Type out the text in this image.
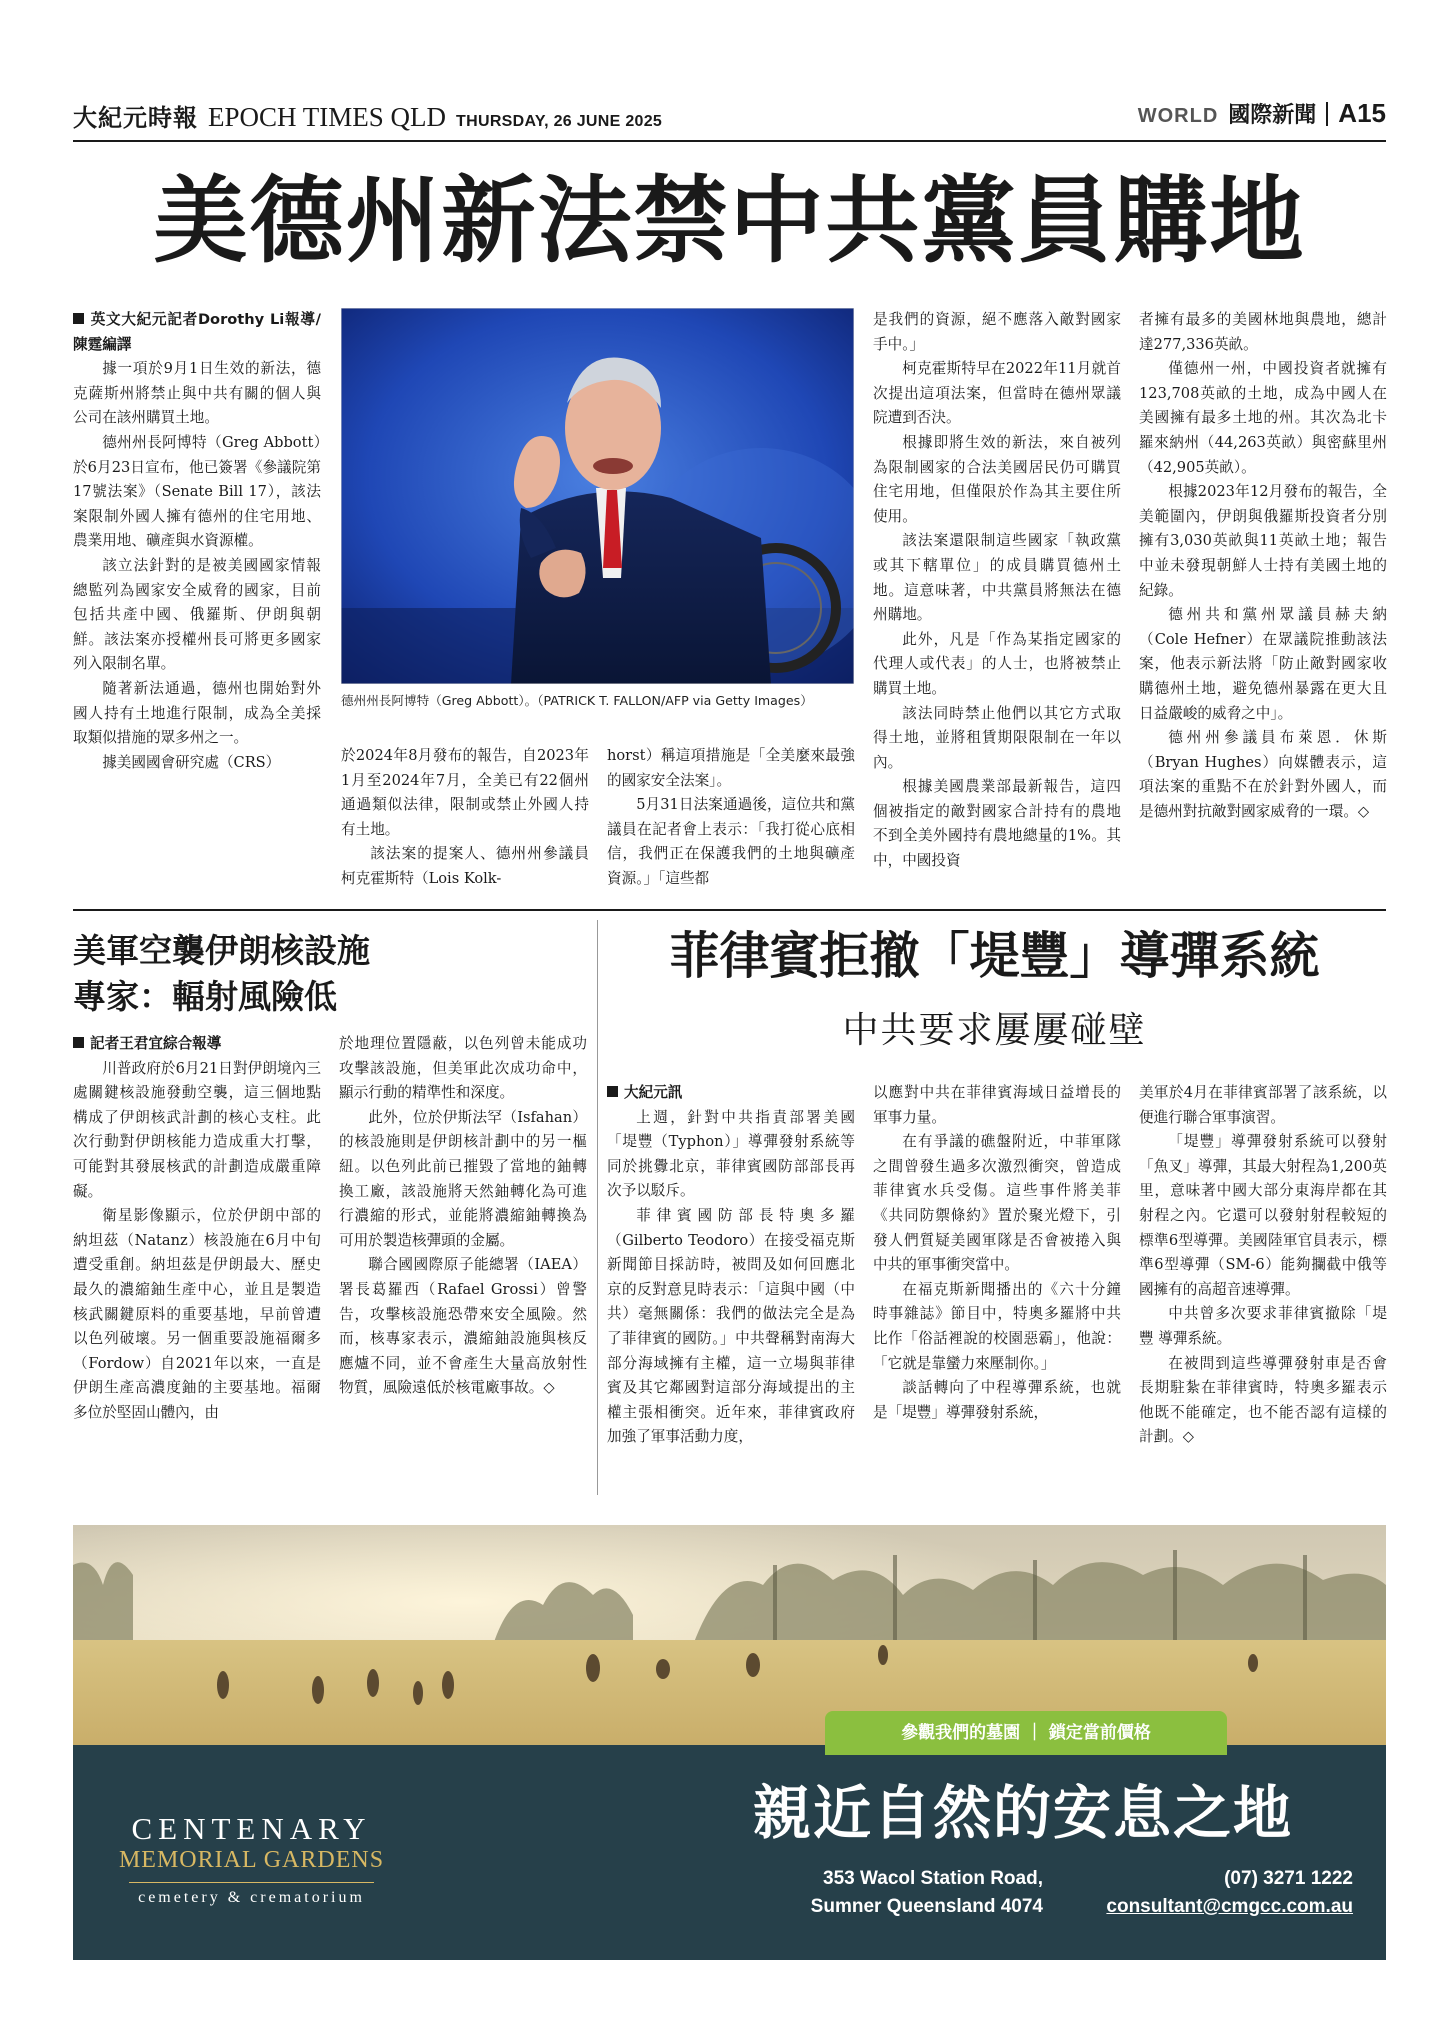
大紀元時報 EPOCH TIMES QLD THURSDAY, 26 JUNE 2025	WORLD 國際新聞 A15
美德州新法禁中共黨員購地
英文大紀元記者Dorothy Li報導/陳霆編譯

據一項於9月1日生效的新法，德克薩斯州將禁止與中共有關的個人與公司在該州購買土地。

德州州長阿博特（Greg Abbott）於6月23日宣布，他已簽署《參議院第17號法案》（Senate Bill 17），該法案限制外國人擁有德州的住宅用地、農業用地、礦產與水資源權。

該立法針對的是被美國國家情報總監列為國家安全威脅的國家，目前包括共產中國、俄羅斯、伊朗與朝鮮。該法案亦授權州長可將更多國家列入限制名單。

隨著新法通過，德州也開始對外國人持有土地進行限制，成為全美採取類似措施的眾多州之一。

據美國國會研究處（CRS）

德州州長阿博特（Greg Abbott）。（PATRICK T. FALLON/AFP via Getty Images）
於2024年8月發布的報告，自2023年1月至2024年7月，全美已有22個州通過類似法律，限制或禁止外國人持有土地。

該法案的提案人、德州州參議員柯克霍斯特（Lois Kolk-

horst）稱這項措施是「全美麼來最強的國家安全法案」。

5月31日法案通過後，這位共和黨議員在記者會上表示：「我打從心底相信，我們正在保護我們的土地與礦產資源。」「這些都

是我們的資源，絕不應落入敵對國家手中。」

柯克霍斯特早在2022年11月就首次提出這項法案，但當時在德州眾議院遭到否決。

根據即將生效的新法，來自被列為限制國家的合法美國居民仍可購買住宅用地，但僅限於作為其主要住所使用。

該法案還限制這些國家「執政黨或其下轄單位」的成員購買德州土地。這意味著，中共黨員將無法在德州購地。

此外，凡是「作為某指定國家的代理人或代表」的人士，也將被禁止購買土地。

該法同時禁止他們以其它方式取得土地，並將租賃期限限制在一年以內。

根據美國農業部最新報告，這四個被指定的敵對國家合計持有的農地不到全美外國持有農地總量的1%。其中，中國投資

者擁有最多的美國林地與農地，總計達277,336英畝。

僅德州一州，中國投資者就擁有123,708英畝的土地，成為中國人在美國擁有最多土地的州。其次為北卡羅來納州（44,263英畝）與密蘇里州（42,905英畝）。

根據2023年12月發布的報告，全美範圍內，伊朗與俄羅斯投資者分別擁有3,030英畝與11英畝土地；報告中並未發現朝鮮人士持有美國土地的紀錄。

德州共和黨州眾議員赫夫納（Cole Hefner）在眾議院推動該法案，他表示新法將「防止敵對國家收購德州土地，避免德州暴露在更大且日益嚴峻的威脅之中」。

德州州參議員布萊恩．休斯（Bryan Hughes）向媒體表示，這項法案的重點不在於針對外國人，而是德州對抗敵對國家威脅的一環。◇

美軍空襲伊朗核設施
專家：輻射風險低
記者王君宜綜合報導

川普政府於6月21日對伊朗境內三處關鍵核設施發動空襲，這三個地點構成了伊朗核武計劃的核心支柱。此次行動對伊朗核能力造成重大打擊，可能對其發展核武的計劃造成嚴重障礙。

衛星影像顯示，位於伊朗中部的納坦茲（Natanz）核設施在6月中旬遭受重創。納坦茲是伊朗最大、歷史最久的濃縮鈾生產中心，並且是製造核武關鍵原料的重要基地，早前曾遭以色列破壞。另一個重要設施福爾多（Fordow）自2021年以來，一直是伊朗生產高濃度鈾的主要基地。福爾多位於堅固山體內，由

於地理位置隱蔽，以色列曾未能成功攻擊該設施，但美軍此次成功命中，顯示行動的精準性和深度。

此外，位於伊斯法罕（Isfahan）的核設施則是伊朗核計劃中的另一樞紐。以色列此前已摧毀了當地的鈾轉換工廠，該設施將天然鈾轉化為可進行濃縮的形式，並能將濃縮鈾轉換為可用於製造核彈頭的金屬。

聯合國國際原子能總署（IAEA）署長葛羅西（Rafael Grossi）曾警告，攻擊核設施恐帶來安全風險。然而，核專家表示，濃縮鈾設施與核反應爐不同，並不會產生大量高放射性物質，風險遠低於核電廠事故。◇

菲律賓拒撤「堤豐」導彈系統
中共要求屢屢碰壁
大紀元訊

上週，針對中共指責部署美國「堤豐（Typhon）」導彈發射系統等同於挑釁北京，菲律賓國防部部長再次予以駁斥。

菲律賓國防部長特奧多羅（Gilberto Teodoro）在接受福克斯新聞節目採訪時，被問及如何回應北京的反對意見時表示：「這與中國（中共）毫無關係：我們的做法完全是為了菲律賓的國防。」中共聲稱對南海大部分海域擁有主權，這一立場與菲律賓及其它鄰國對這部分海域提出的主權主張相衝突。近年來，菲律賓政府加強了軍事活動力度，

以應對中共在菲律賓海域日益增長的軍事力量。

在有爭議的礁盤附近，中菲軍隊之間曾發生過多次激烈衝突，曾造成菲律賓水兵受傷。這些事件將美菲《共同防禦條約》置於聚光燈下，引發人們質疑美國軍隊是否會被捲入與中共的軍事衝突當中。

在福克斯新聞播出的《六十分鐘時事雜誌》節目中，特奧多羅將中共比作「俗話裡說的校園惡霸」，他說：「它就是靠蠻力來壓制你。」

談話轉向了中程導彈系統，也就是「堤豐」導彈發射系統，

美軍於4月在菲律賓部署了該系統，以便進行聯合軍事演習。

「堤豐」導彈發射系統可以發射「魚叉」導彈，其最大射程為1,200英里，意味著中國大部分東海岸都在其射程之內。它還可以發射射程較短的標準6型導彈。美國陸軍官員表示，標準6型導彈（SM-6）能夠攔截中俄等國擁有的高超音速導彈。

中共曾多次要求菲律賓撤除「堤豐 導彈系統。

在被問到這些導彈發射車是否會長期駐紮在菲律賓時，特奧多羅表示他既不能確定，也不能否認有這樣的計劃。◇

參觀我們的墓園 ｜ 鎖定當前價格
CENTENARY
MEMORIAL GARDENS
cemetery & crematorium
親近自然的安息之地
353 Wacol Station Road,
Sumner Queensland 4074
(07) 3271 1222
consultant@cmgcc.com.au
